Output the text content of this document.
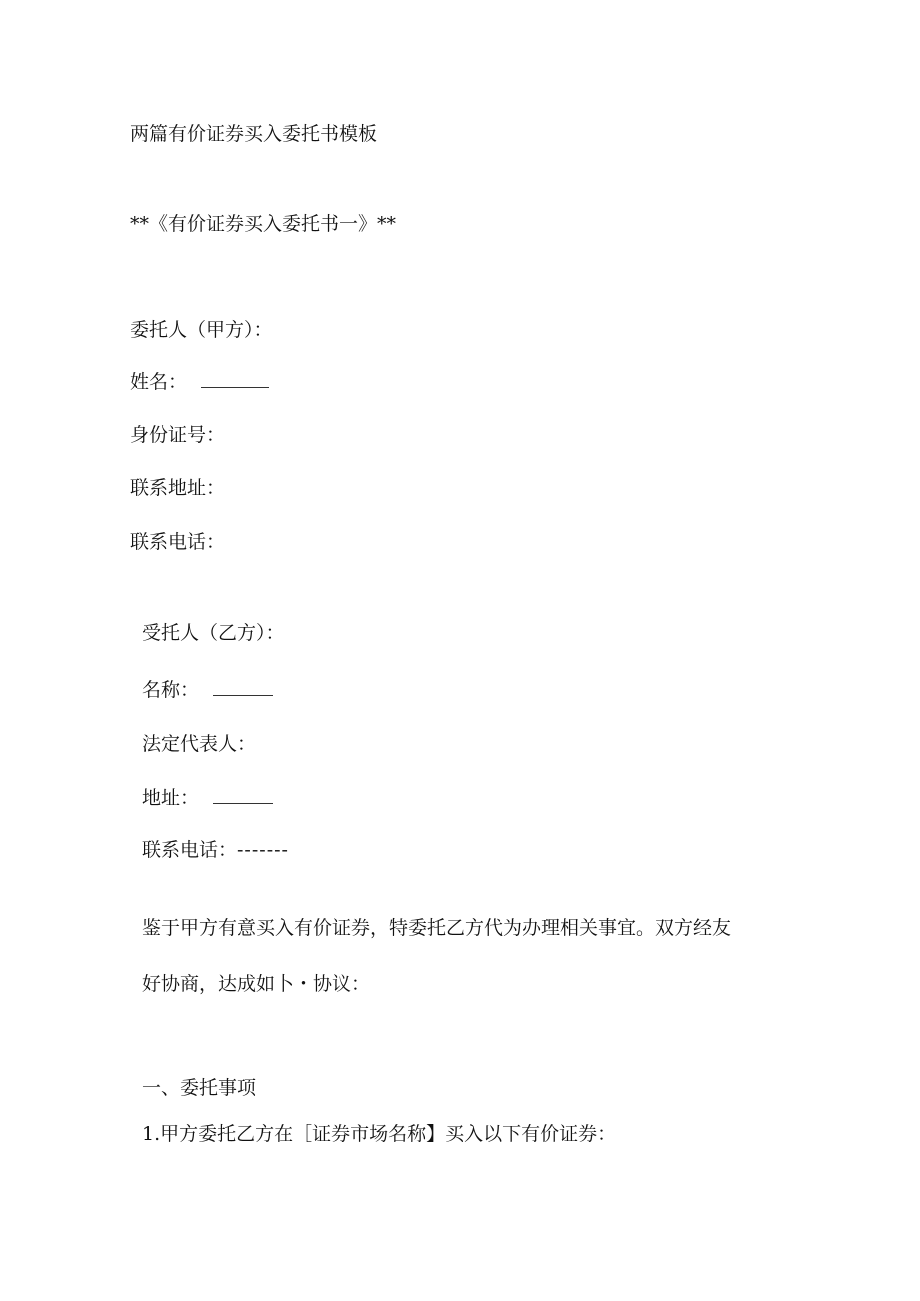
两篇有价证券买入委托书模板

**《有价证券买入委托书一》**

委托人（甲方）：

姓名：

身份证号：

联系地址：

联系电话：

受托人（乙方）：

名称：

法定代表人：

地址：

联系电话：-------

鉴于甲方有意买入有价证券，特委托乙方代为办理相关事宜。双方经友

好协商，达成如卜・协议：

一、委托事项

1.甲方委托乙方在［证券市场名称】买入以下有价证券：
